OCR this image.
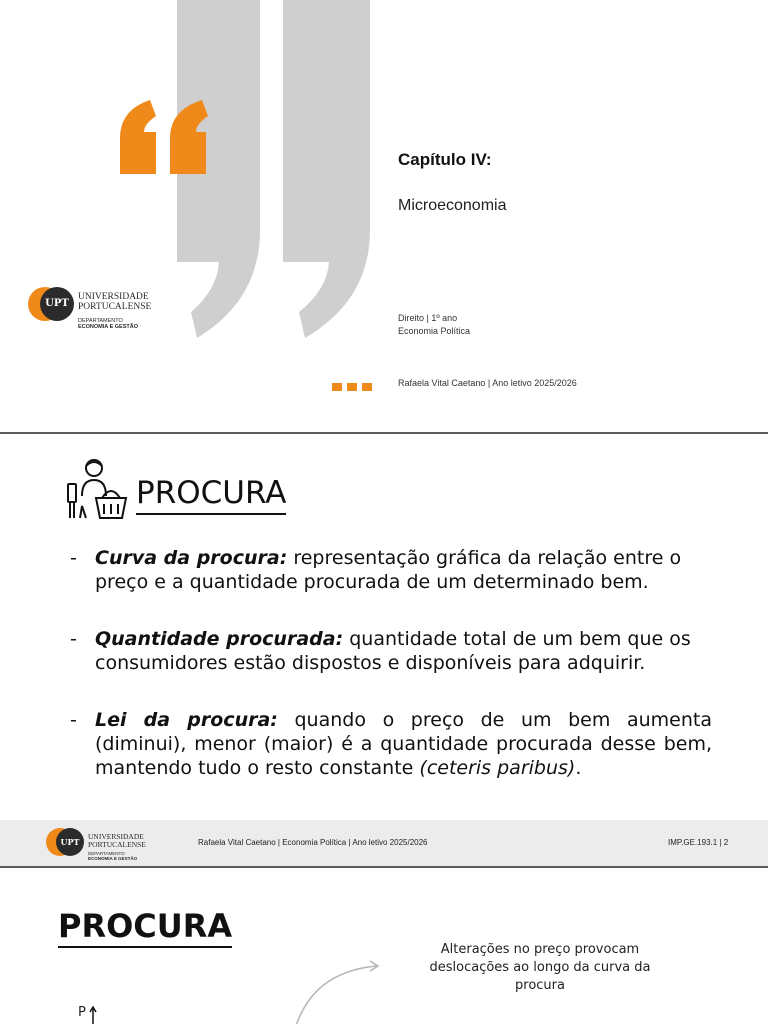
UPT
UNIVERSIDADE
PORTUCALENSE
DEPARTAMENTO
ECONOMIA E GESTÃO
Capítulo IV:
Microeconomia
Direito | 1º ano
Economia Política
Rafaela Vital Caetano | Ano letivo 2025/2026
PROCURA
- Curva da procura: representação gráfica da relação entre o preço e a quantidade procurada de um determinado bem.
- Quantidade procurada: quantidade total de um bem que os consumidores estão dispostos e disponíveis para adquirir.
- Lei da procura: quando o preço de um bem aumenta (diminui), menor (maior) é a quantidade procurada desse bem, mantendo tudo o resto constante (ceteris paribus).
UPT
UNIVERSIDADE
PORTUCALENSE
DEPARTAMENTO
ECONOMIA E GESTÃO
Rafaela Vital Caetano | Economia Política | Ano letivo 2025/2026	IMP.GE.193.1 | 2
PROCURA
Alterações no preço provocam deslocações ao longo da curva da procura
P
